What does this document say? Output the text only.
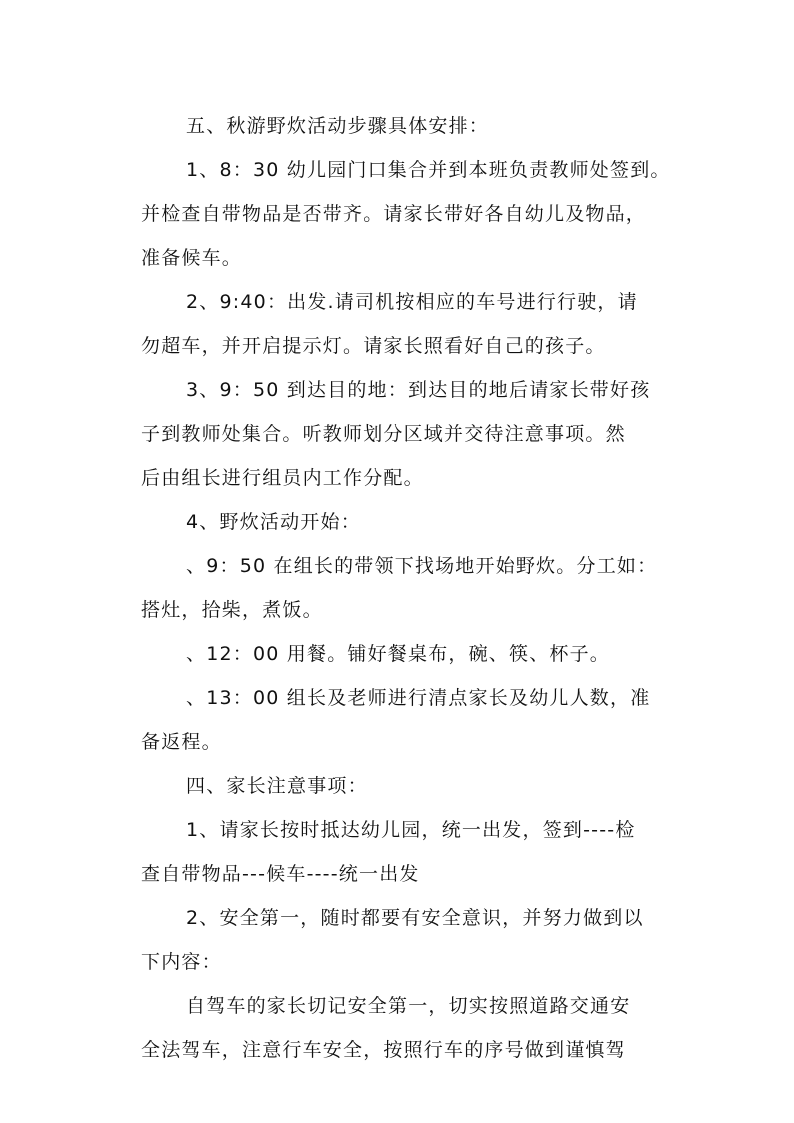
五、秋游野炊活动步骤具体安排：
1、8：30 幼儿园门口集合并到本班负责教师处签到。
并检查自带物品是否带齐。请家长带好各自幼儿及物品，
准备候车。
2、9:40：出发.请司机按相应的车号进行行驶，请
勿超车，并开启提示灯。请家长照看好自己的孩子。
3、9：50 到达目的地：到达目的地后请家长带好孩
子到教师处集合。听教师划分区域并交待注意事项。然
后由组长进行组员内工作分配。
4、野炊活动开始：
、9：50 在组长的带领下找场地开始野炊。分工如：
搭灶，拾柴，煮饭。
、12：00 用餐。铺好餐桌布，碗、筷、杯子。
、13：00 组长及老师进行清点家长及幼儿人数，准
备返程。
四、家长注意事项：
1、请家长按时抵达幼儿园，统一出发，签到----检
查自带物品---候车----统一出发
2、安全第一，随时都要有安全意识，并努力做到以
下内容：
自驾车的家长切记安全第一，切实按照道路交通安
全法驾车，注意行车安全，按照行车的序号做到谨慎驾
